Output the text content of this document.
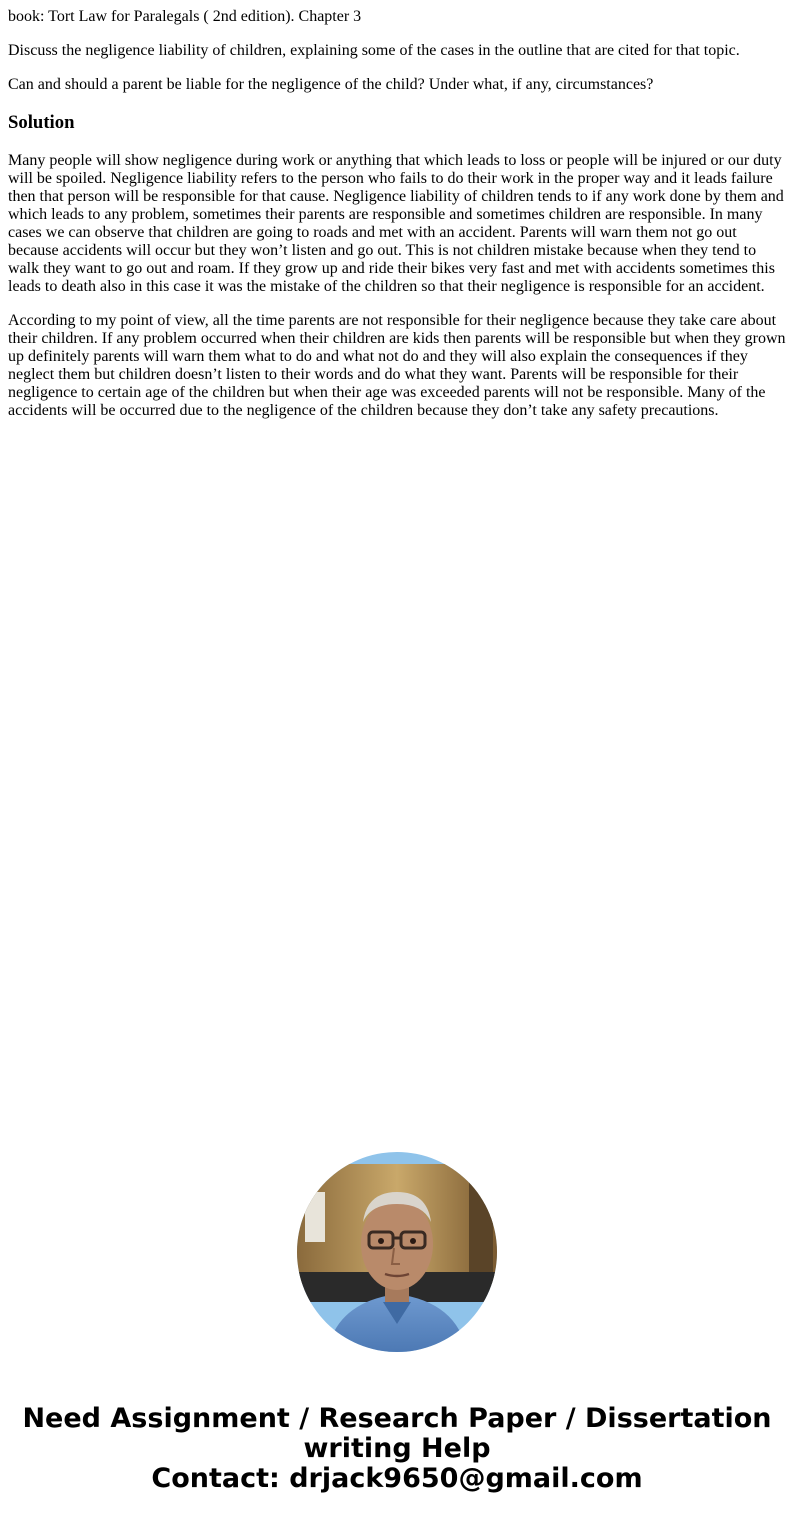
book: Tort Law for Paralegals ( 2nd edition). Chapter 3

Discuss the negligence liability of children, explaining some of the cases in the outline that are cited for that topic.

Can and should a parent be liable for the negligence of the child? Under what, if any, circumstances?

Solution

Many people will show negligence during work or anything that which leads to loss or people will be injured or our duty will be spoiled. Negligence liability refers to the person who fails to do their work in the proper way and it leads failure then that person will be responsible for that cause. Negligence liability of children tends to if any work done by them and which leads to any problem, sometimes their parents are responsible and sometimes children are responsible. In many cases we can observe that children are going to roads and met with an accident. Parents will warn them not go out because accidents will occur but they won’t listen and go out. This is not children mistake because when they tend to walk they want to go out and roam. If they grow up and ride their bikes very fast and met with accidents sometimes this leads to death also in this case it was the mistake of the children so that their negligence is responsible for an accident.

According to my point of view, all the time parents are not responsible for their negligence because they take care about their children. If any problem occurred when their children are kids then parents will be responsible but when they grown up definitely parents will warn them what to do and what not do and they will also explain the consequences if they neglect them but children doesn’t listen to their words and do what they want. Parents will be responsible for their negligence to certain age of the children but when their age was exceeded parents will not be responsible. Many of the accidents will be occurred due to the negligence of the children because they don’t take any safety precautions.

Need Assignment / Research Paper / Dissertation
writing Help
Contact: drjack9650@gmail.com
